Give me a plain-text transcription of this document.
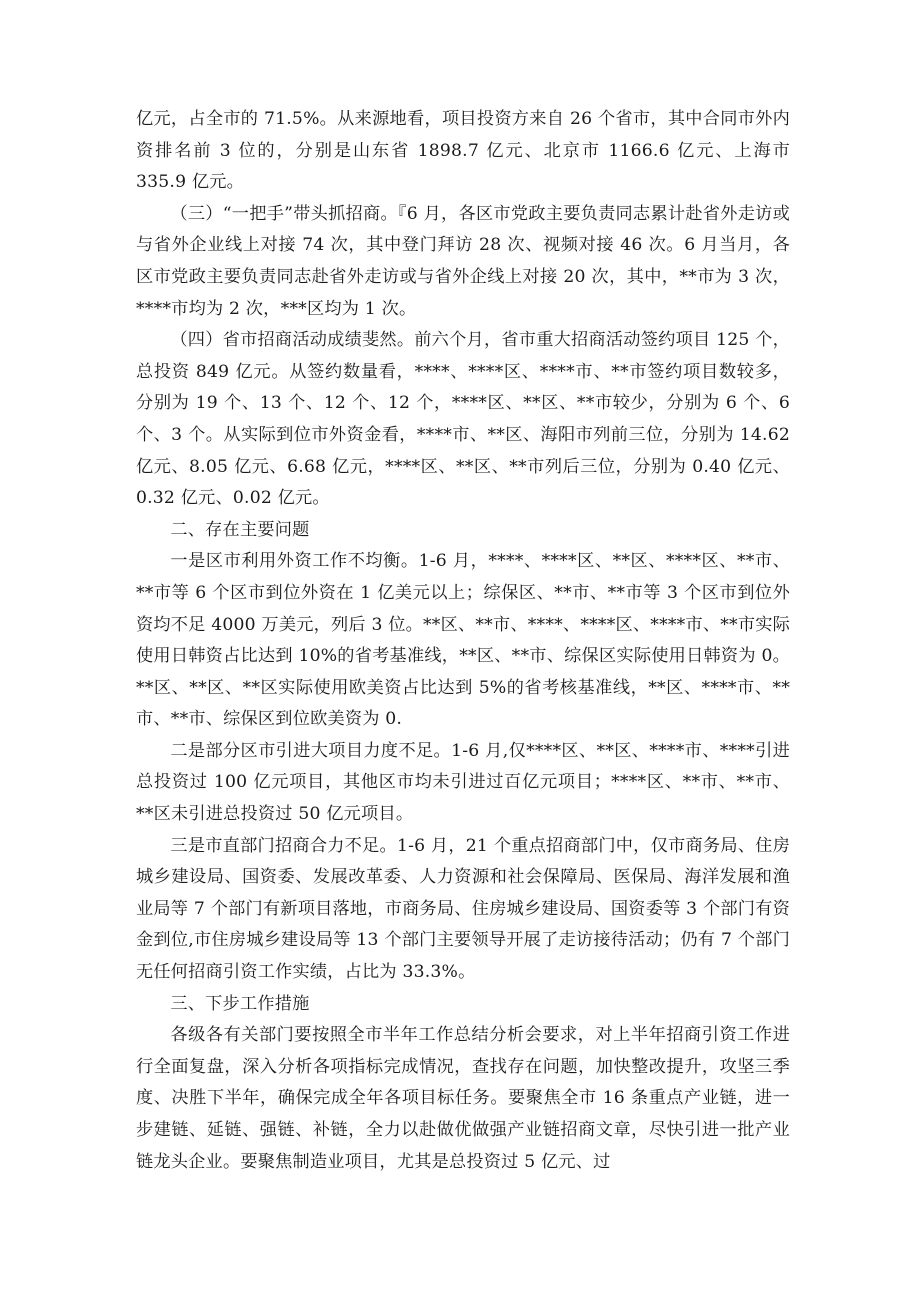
亿元，占全市的 71.5%。从来源地看，项目投资方来自 26 个省市，其中合同市外内资排名前 3 位的，分别是山东省 1898.7 亿元、北京市 1166.6 亿元、上海市 335.9 亿元。

（三）“一把手”带头抓招商。『6 月，各区市党政主要负责同志累计赴省外走访或与省外企业线上对接 74 次，其中登门拜访 28 次、视频对接 46 次。6 月当月，各区市党政主要负责同志赴省外走访或与省外企线上对接 20 次，其中，**市为 3 次，****市均为 2 次，***区均为 1 次。

（四）省市招商活动成绩斐然。前六个月，省市重大招商活动签约项目 125 个，总投资 849 亿元。从签约数量看，****、****区、****市、**市签约项目数较多，分别为 19 个、13 个、12 个、12 个，****区、**区、**市较少，分别为 6 个、6 个、3 个。从实际到位市外资金看，****市、**区、海阳市列前三位，分别为 14.62 亿元、8.05 亿元、6.68 亿元，****区、**区、**市列后三位，分别为 0.40 亿元、0.32 亿元、0.02 亿元。

二、存在主要问题

一是区市利用外资工作不均衡。1-6 月，****、****区、**区、****区、**市、**市等 6 个区市到位外资在 1 亿美元以上；综保区、**市、**市等 3 个区市到位外资均不足 4000 万美元，列后 3 位。**区、**市、****、****区、****市、**市实际使用日韩资占比达到 10%的省考基准线，**区、**市、综保区实际使用日韩资为 0。**区、**区、**区实际使用欧美资占比达到 5%的省考核基准线，**区、****市、**市、**市、综保区到位欧美资为 0.

二是部分区市引进大项目力度不足。1-6 月,仅****区、**区、****市、****引进总投资过 100 亿元项目，其他区市均未引进过百亿元项目；****区、**市、**市、**区未引进总投资过 50 亿元项目。

三是市直部门招商合力不足。1-6 月，21 个重点招商部门中，仅市商务局、住房城乡建设局、国资委、发展改革委、人力资源和社会保障局、医保局、海洋发展和渔业局等 7 个部门有新项目落地，市商务局、住房城乡建设局、国资委等 3 个部门有资金到位,市住房城乡建设局等 13 个部门主要领导开展了走访接待活动；仍有 7 个部门无任何招商引资工作实绩，占比为 33.3%。

三、下步工作措施

各级各有关部门要按照全市半年工作总结分析会要求，对上半年招商引资工作进行全面复盘，深入分析各项指标完成情况，查找存在问题，加快整改提升，攻坚三季度、决胜下半年，确保完成全年各项目标任务。要聚焦全市 16 条重点产业链，进一步建链、延链、强链、补链，全力以赴做优做强产业链招商文章，尽快引进一批产业链龙头企业。要聚焦制造业项目，尤其是总投资过 5 亿元、过
